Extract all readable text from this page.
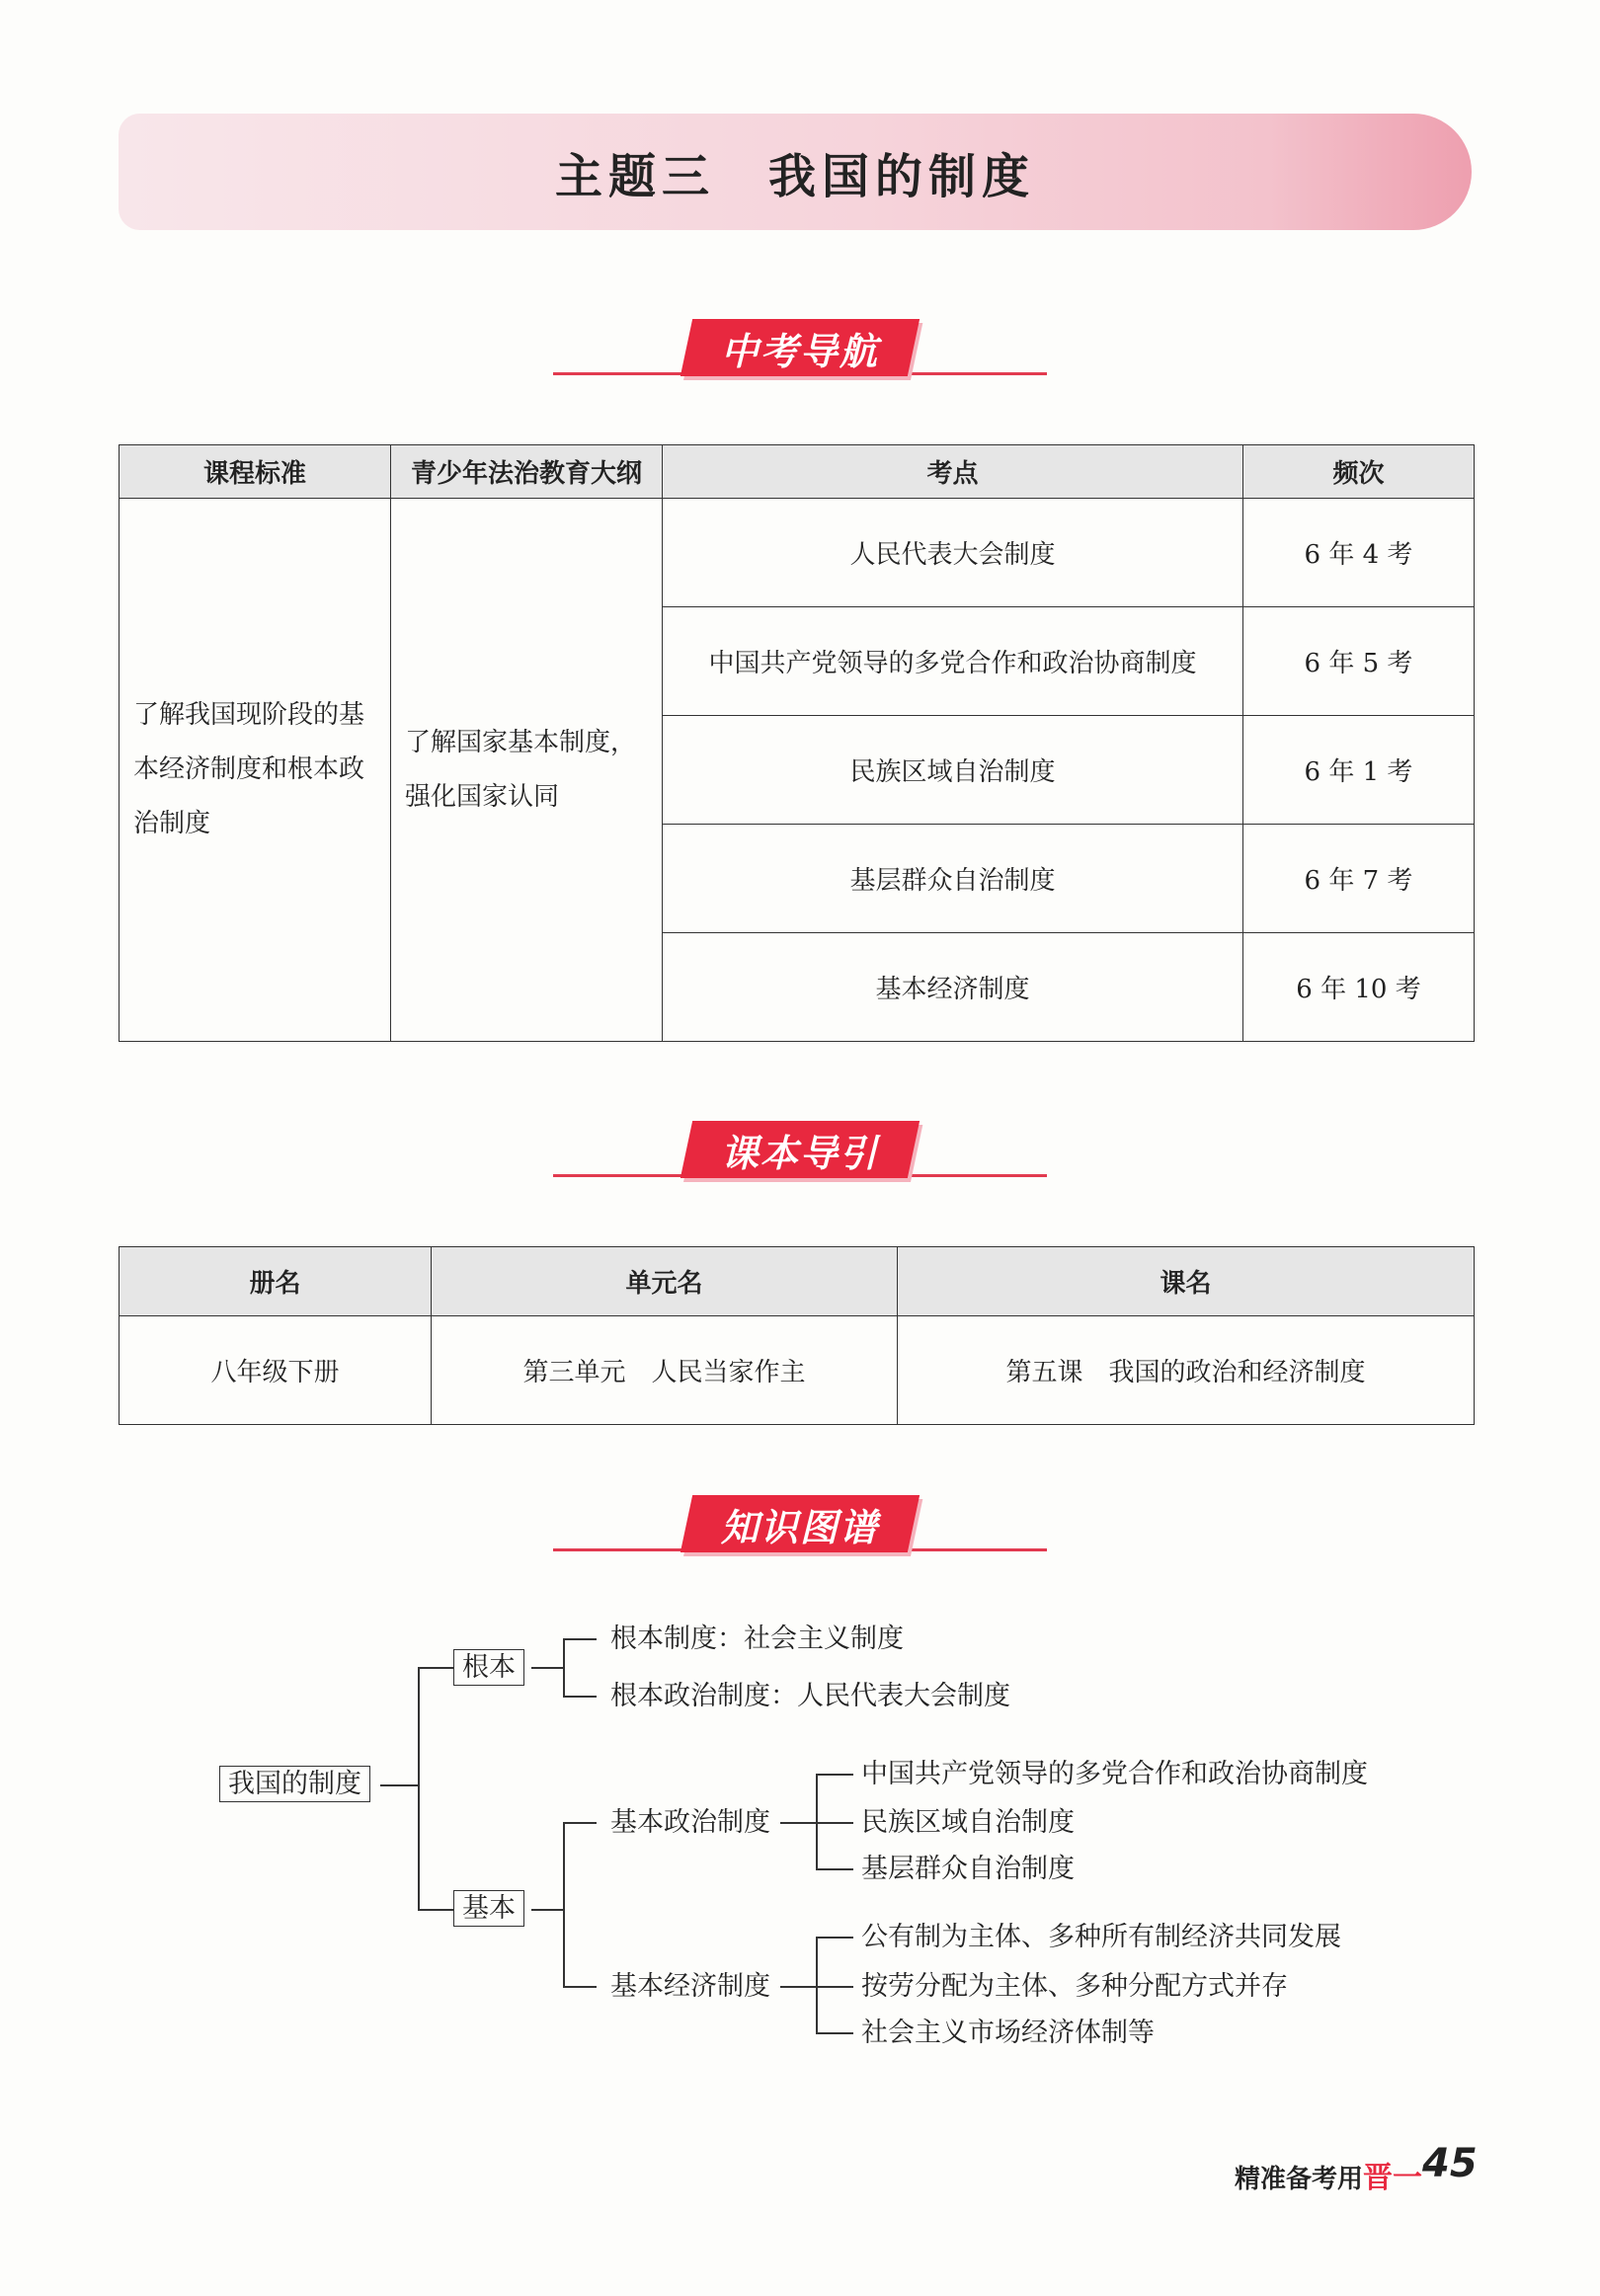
主题三　我国的制度
中考导航
课程标准	青少年法治教育大纲	考点	频次
了解我国现阶段的基本经济制度和根本政治制度	了解国家基本制度，强化国家认同	人民代表大会制度	6 年 4 考
		中国共产党领导的多党合作和政治协商制度	6 年 5 考
		民族区域自治制度	6 年 1 考
		基层群众自治制度	6 年 7 考
		基本经济制度	6 年 10 考
课本导引
册名	单元名	课名
八年级下册	第三单元　人民当家作主	第五课　我国的政治和经济制度
知识图谱
我国的制度
根本
根本制度：社会主义制度
根本政治制度：人民代表大会制度
基本
基本政治制度
中国共产党领导的多党合作和政治协商制度
民族区域自治制度
基层群众自治制度
基本经济制度
公有制为主体、多种所有制经济共同发展
按劳分配为主体、多种分配方式并存
社会主义市场经济体制等
精准备考用晋一 45
